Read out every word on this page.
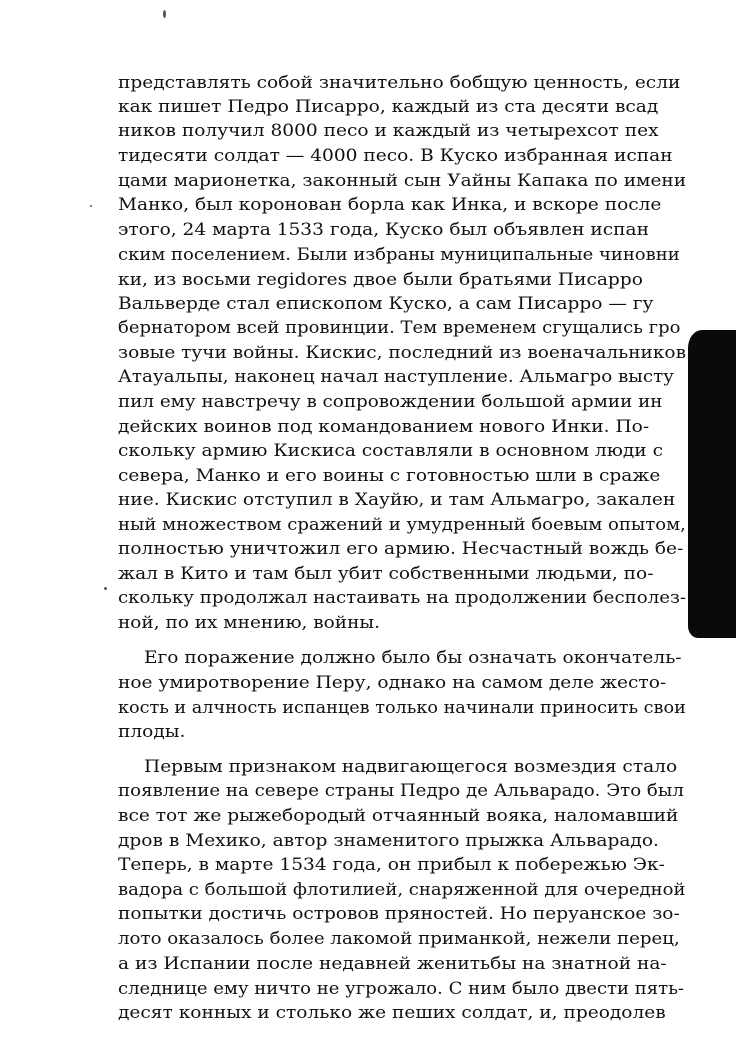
представлять собой значительно бобщую ценность, если
как пишет Педро Писарро, каждый из ста десяти всад
ников получил 8000 песо и каждый из четырехсот пех
тидесяти солдат — 4000 песо. В Куско избранная испан
цами марионетка, законный сын Уайны Капака по имени
Манко, был коронован борла как Инка, и вскоре после
этого, 24 марта 1533 года, Куско был объявлен испан
ским поселением. Были избраны муниципальные чиновни
ки, из восьми regidores двое были братьями Писарро
Вальверде стал епископом Куско, а сам Писарро — гу
бернатором всей провинции. Тем временем сгущались гро
зовые тучи войны. Кискис, последний из военачальников
Атауальпы, наконец начал наступление. Альмагро высту
пил ему навстречу в сопровождении большой армии ин
дейских воинов под командованием нового Инки. По-
скольку армию Кискиса составляли в основном люди с
севера, Манко и его воины с готовностью шли в сраже
ние. Кискис отступил в Хауйю, и там Альмагро, закален
ный множеством сражений и умудренный боевым опытом,
полностью уничтожил его армию. Несчастный вождь бе-
жал в Кито и там был убит собственными людьми, по-
скольку продолжал настаивать на продолжении бесполез-
ной, по их мнению, войны.
Его поражение должно было бы означать окончатель-
ное умиротворение Перу, однако на самом деле жесто-
кость и алчность испанцев только начинали приносить свои
плоды.
Первым признаком надвигающегося возмездия стало
появление на севере страны Педро де Альварадо. Это был
все тот же рыжебородый отчаянный вояка, наломавший
дров в Мехико, автор знаменитого прыжка Альварадо.
Теперь, в марте 1534 года, он прибыл к побережью Эк-
вадора с большой флотилией, снаряженной для очередной
попытки достичь островов пряностей. Но перуанское зо-
лото оказалось более лакомой приманкой, нежели перец,
а из Испании после недавней женитьбы на знатной на-
следнице ему ничто не угрожало. С ним было двести пять-
десят конных и столько же пеших солдат, и, преодолев
